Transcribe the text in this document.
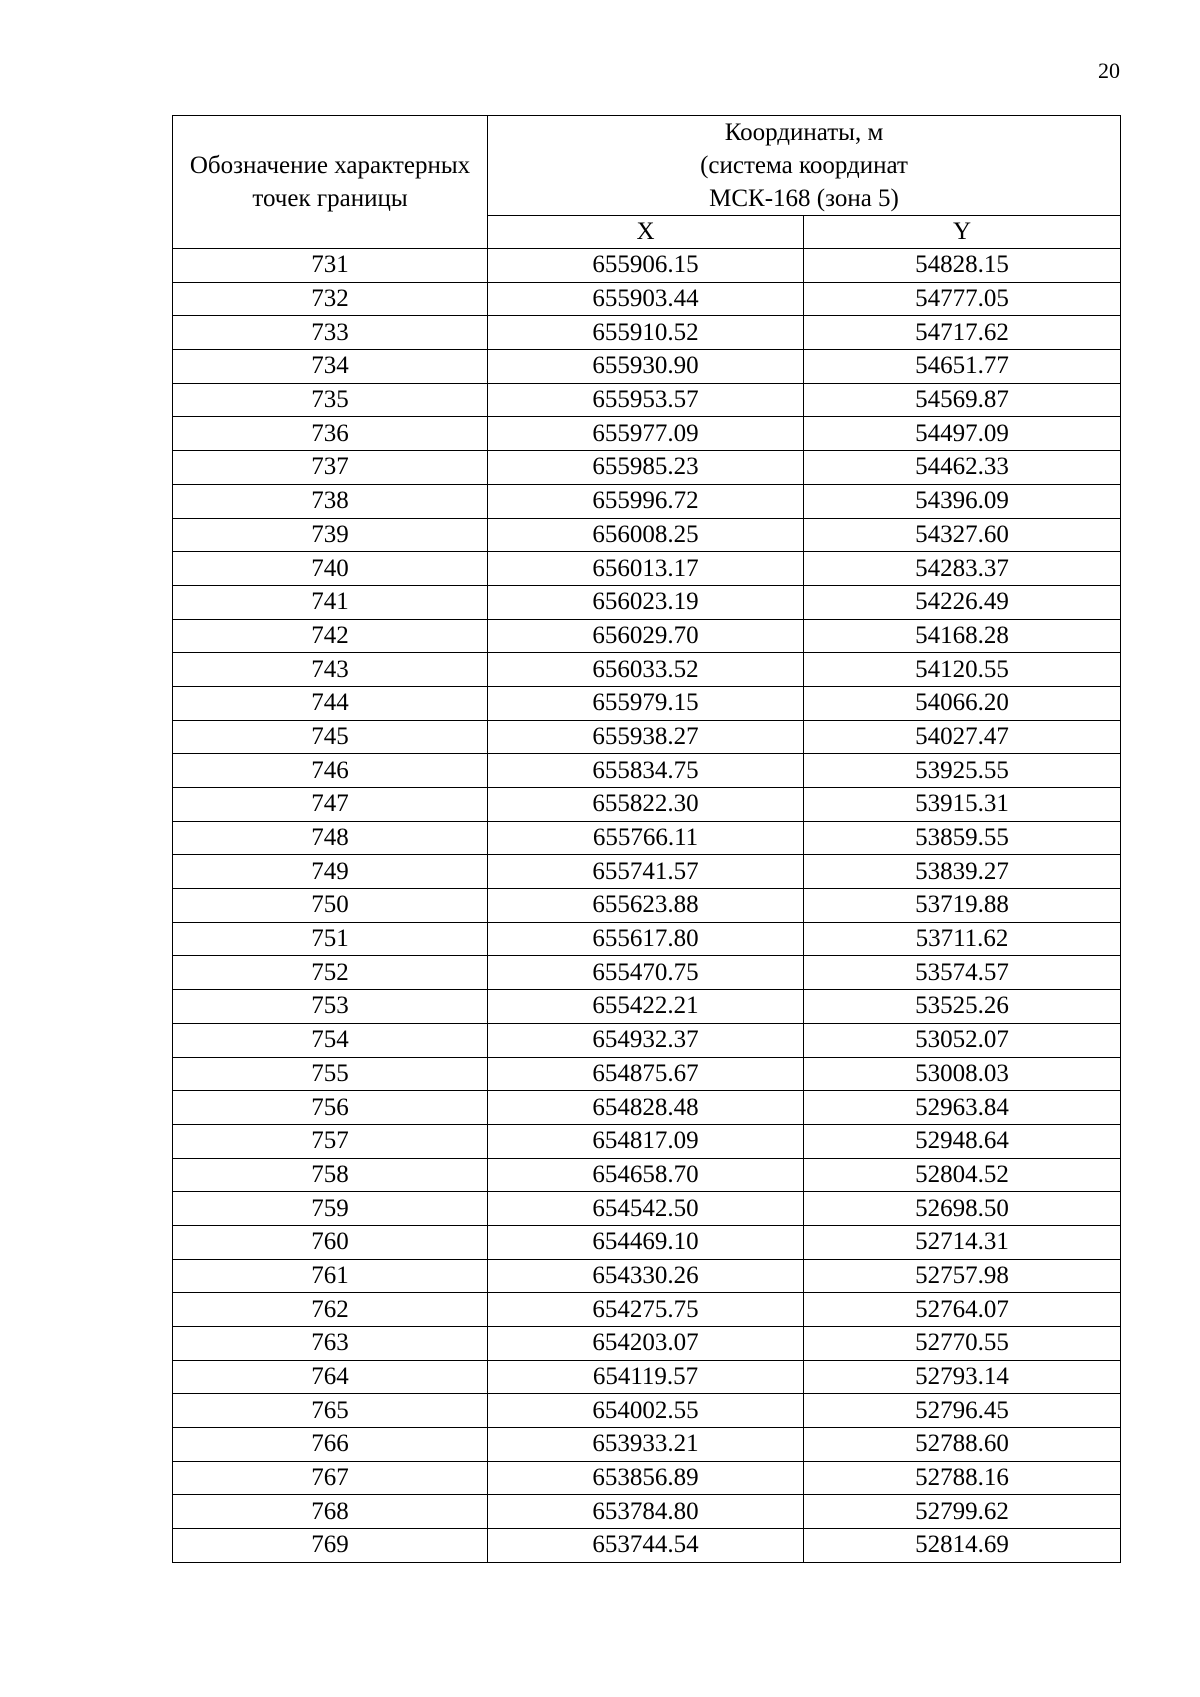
20
Обозначение характерных точек границы	Координаты, м
(система координат
МСК-168 (зона 5)	

	X	Y
731	655906.15	54828.15
732	655903.44	54777.05
733	655910.52	54717.62
734	655930.90	54651.77
735	655953.57	54569.87
736	655977.09	54497.09
737	655985.23	54462.33
738	655996.72	54396.09
739	656008.25	54327.60
740	656013.17	54283.37
741	656023.19	54226.49
742	656029.70	54168.28
743	656033.52	54120.55
744	655979.15	54066.20
745	655938.27	54027.47
746	655834.75	53925.55
747	655822.30	53915.31
748	655766.11	53859.55
749	655741.57	53839.27
750	655623.88	53719.88
751	655617.80	53711.62
752	655470.75	53574.57
753	655422.21	53525.26
754	654932.37	53052.07
755	654875.67	53008.03
756	654828.48	52963.84
757	654817.09	52948.64
758	654658.70	52804.52
759	654542.50	52698.50
760	654469.10	52714.31
761	654330.26	52757.98
762	654275.75	52764.07
763	654203.07	52770.55
764	654119.57	52793.14
765	654002.55	52796.45
766	653933.21	52788.60
767	653856.89	52788.16
768	653784.80	52799.62
769	653744.54	52814.69
